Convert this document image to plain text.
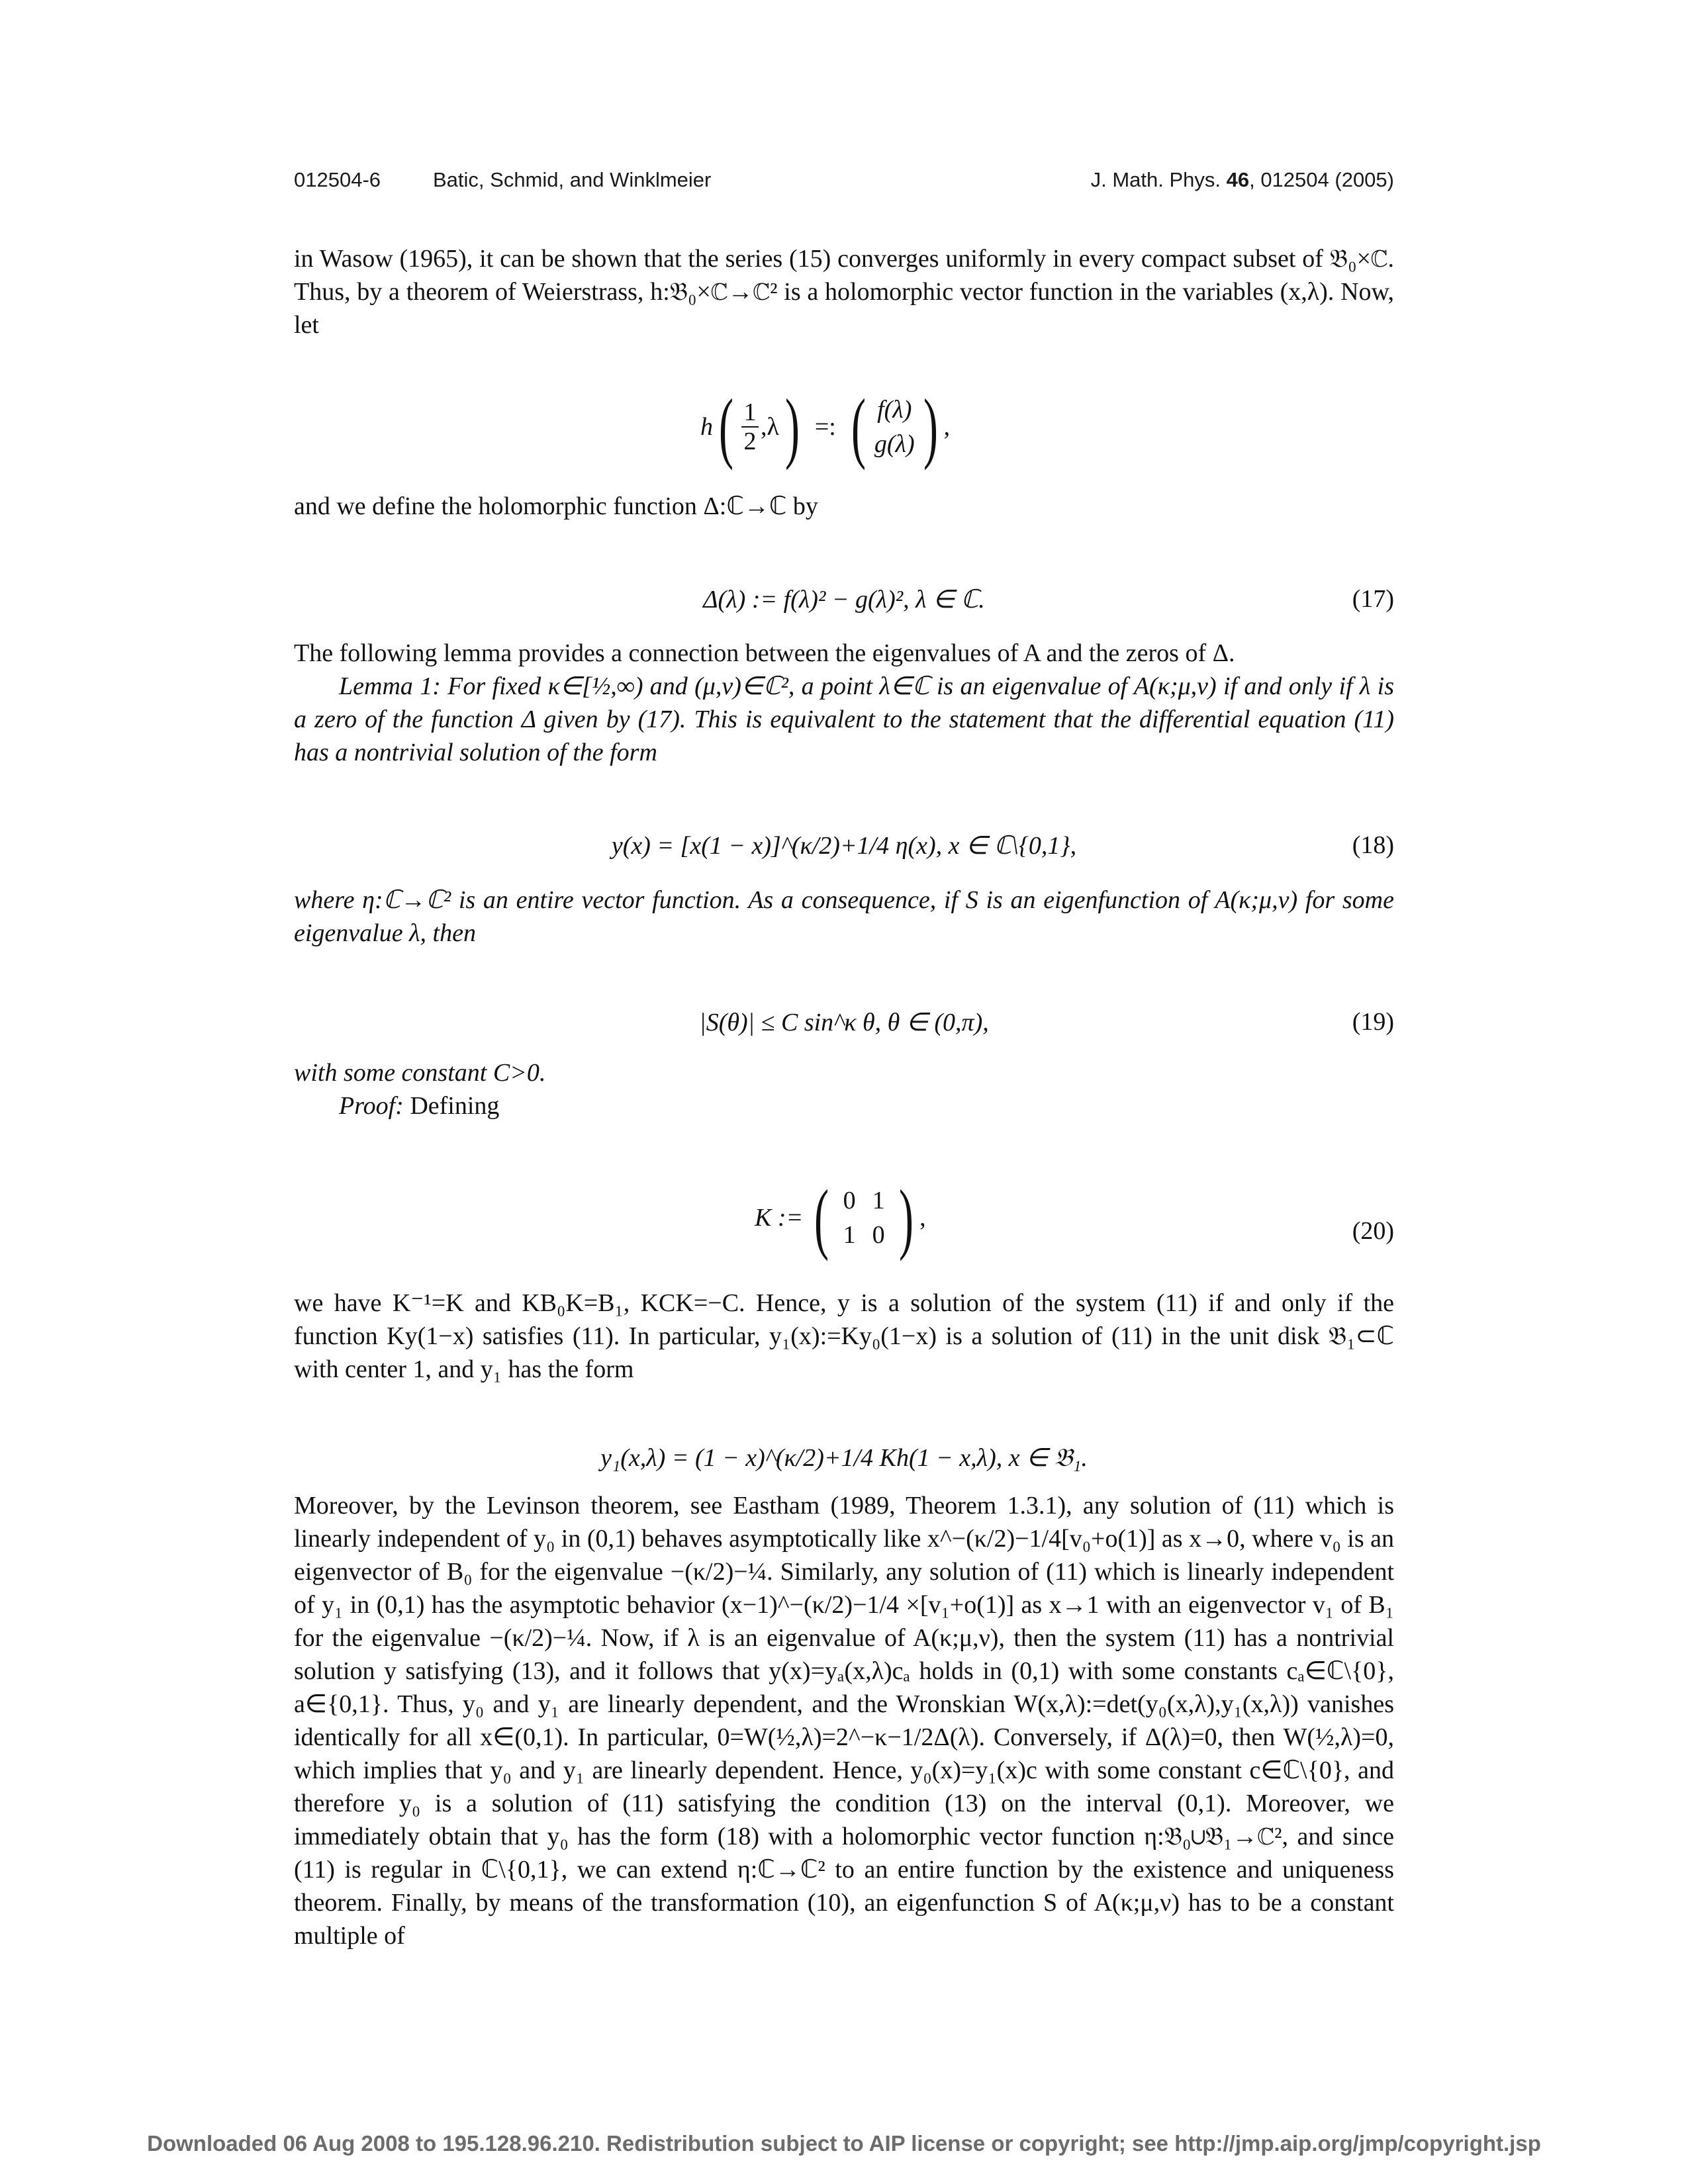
012504-6	Batic, Schmid, and Winklmeier	J. Math. Phys. 46, 012504 (2005)

in Wasow (1965), it can be shown that the series (15) converges uniformly in every compact subset of 𝔅₀×ℂ. Thus, by a theorem of Weierstrass, h:𝔅₀×ℂ→ℂ² is a holomorphic vector function in the variables (x,λ). Now, let

h ( $\frac{1}{2} ,\lambda$ ) =: ( f(λ)
g(λ) ) ,

and we define the holomorphic function Δ:ℂ→ℂ by

Δ(λ) := f(λ)² − g(λ)², λ ∈ ℂ.	(17)

The following lemma provides a connection between the eigenvalues of A and the zeros of Δ.

Lemma 1: For fixed κ∈[½,∞) and (μ,ν)∈ℂ², a point λ∈ℂ is an eigenvalue of A(κ;μ,ν) if and only if λ is a zero of the function Δ given by (17). This is equivalent to the statement that the differential equation (11) has a nontrivial solution of the form

y(x) = [x(1 − x)]^(κ/2)+1/4 η(x), x ∈ ℂ\{0,1},	(18)

where η:ℂ→ℂ² is an entire vector function. As a consequence, if S is an eigenfunction of A(κ;μ,ν) for some eigenvalue λ, then

|S(θ)| ≤ C sin^κ θ, θ ∈ (0,π),	(19)

with some constant C>0.

Proof: Defining

K := ( 0 1
1 0 ) ,	(20)

we have K⁻¹=K and KB₀K=B₁, KCK=−C. Hence, y is a solution of the system (11) if and only if the function Ky(1−x) satisfies (11). In particular, y₁(x):=Ky₀(1−x) is a solution of (11) in the unit disk 𝔅₁⊂ℂ with center 1, and y₁ has the form

y₁(x,λ) = (1 − x)^(κ/2)+1/4 Kh(1 − x,λ), x ∈ 𝔅₁.

Moreover, by the Levinson theorem, see Eastham (1989, Theorem 1.3.1), any solution of (11) which is linearly independent of y₀ in (0,1) behaves asymptotically like x^−(κ/2)−1/4[v₀+o(1)] as x→0, where v₀ is an eigenvector of B₀ for the eigenvalue −(κ/2)−¼. Similarly, any solution of (11) which is linearly independent of y₁ in (0,1) has the asymptotic behavior (x−1)^−(κ/2)−1/4 ×[v₁+o(1)] as x→1 with an eigenvector v₁ of B₁ for the eigenvalue −(κ/2)−¼. Now, if λ is an eigenvalue of A(κ;μ,ν), then the system (11) has a nontrivial solution y satisfying (13), and it follows that y(x)=yₐ(x,λ)cₐ holds in (0,1) with some constants cₐ∈ℂ\{0}, a∈{0,1}. Thus, y₀ and y₁ are linearly dependent, and the Wronskian W(x,λ):=det(y₀(x,λ),y₁(x,λ)) vanishes identically for all x∈(0,1). In particular, 0=W(½,λ)=2^−κ−1/2Δ(λ). Conversely, if Δ(λ)=0, then W(½,λ)=0, which implies that y₀ and y₁ are linearly dependent. Hence, y₀(x)=y₁(x)c with some constant c∈ℂ\{0}, and therefore y₀ is a solution of (11) satisfying the condition (13) on the interval (0,1). Moreover, we immediately obtain that y₀ has the form (18) with a holomorphic vector function η:𝔅₀∪𝔅₁→ℂ², and since (11) is regular in ℂ\{0,1}, we can extend η:ℂ→ℂ² to an entire function by the existence and uniqueness theorem. Finally, by means of the transformation (10), an eigenfunction S of A(κ;μ,ν) has to be a constant multiple of

Downloaded 06 Aug 2008 to 195.128.96.210. Redistribution subject to AIP license or copyright; see http://jmp.aip.org/jmp/copyright.jsp
